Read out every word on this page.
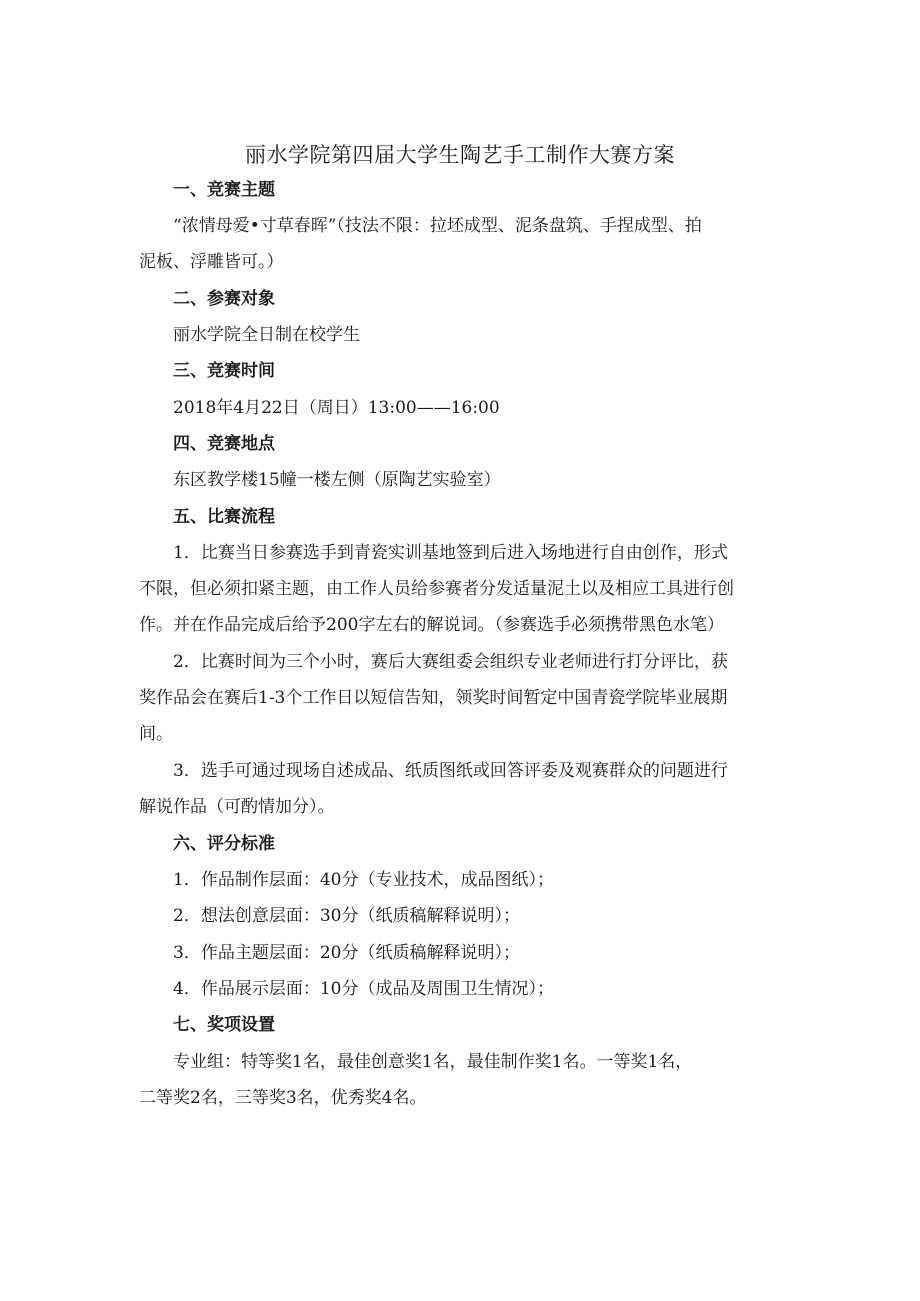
丽水学院第四届大学生陶艺手工制作大赛方案
一、竞赛主题
“浓情母爱•寸草春晖”（技法不限：拉坯成型、泥条盘筑、手捏成型、拍
泥板、浮雕皆可。）
二、参赛对象
丽水学院全日制在校学生
三、竞赛时间
2018年4月22日（周日）13:00——16:00
四、竞赛地点
东区教学楼15幢一楼左侧（原陶艺实验室）
五、比赛流程
1．比赛当日参赛选手到青瓷实训基地签到后进入场地进行自由创作，形式
不限，但必须扣紧主题，由工作人员给参赛者分发适量泥土以及相应工具进行创
作。并在作品完成后给予200字左右的解说词。（参赛选手必须携带黑色水笔）
2．比赛时间为三个小时，赛后大赛组委会组织专业老师进行打分评比，获
奖作品会在赛后1-3个工作日以短信告知，领奖时间暂定中国青瓷学院毕业展期
间。
3．选手可通过现场自述成品、纸质图纸或回答评委及观赛群众的问题进行
解说作品（可酌情加分）。
六、评分标准
1．作品制作层面：40分（专业技术，成品图纸）；
2．想法创意层面：30分（纸质稿解释说明）；
3．作品主题层面：20分（纸质稿解释说明）；
4．作品展示层面：10分（成品及周围卫生情况）；
七、奖项设置
专业组：特等奖1名，最佳创意奖1名，最佳制作奖1名。一等奖1名，
二等奖2名，三等奖3名，优秀奖4名。
